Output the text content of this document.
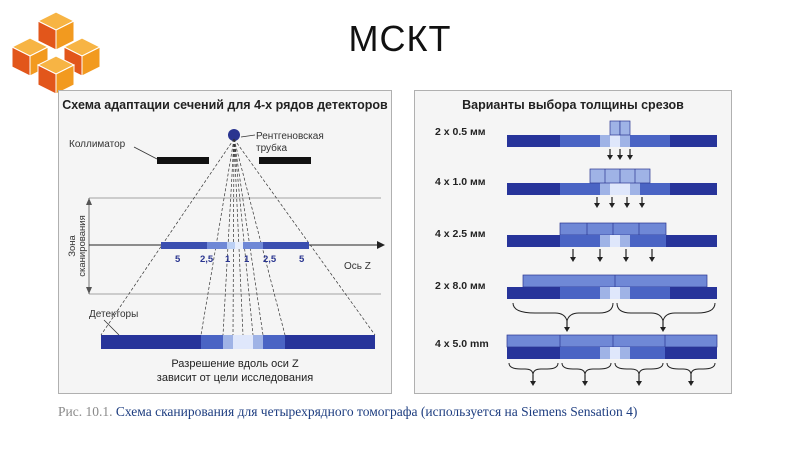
МСКТ
Схема адаптации сечений для 4-х рядов детекторов
Рентгеновская
трубка
Коллиматор
Зона сканирования	Ось Z
5 2,5 1 1 2,5 5
Детекторы
Разрешение вдоль оси Z
зависит от цели исследования
Варианты выбора толщины срезов
2 x 0.5 мм
4 x 1.0 мм
4 x 2.5 мм
2 x 8.0 мм
4 x 5.0 mm
Рис. 10.1. Схема сканирования для четырехрядного томографа (используется на Siemens Sensation 4)
